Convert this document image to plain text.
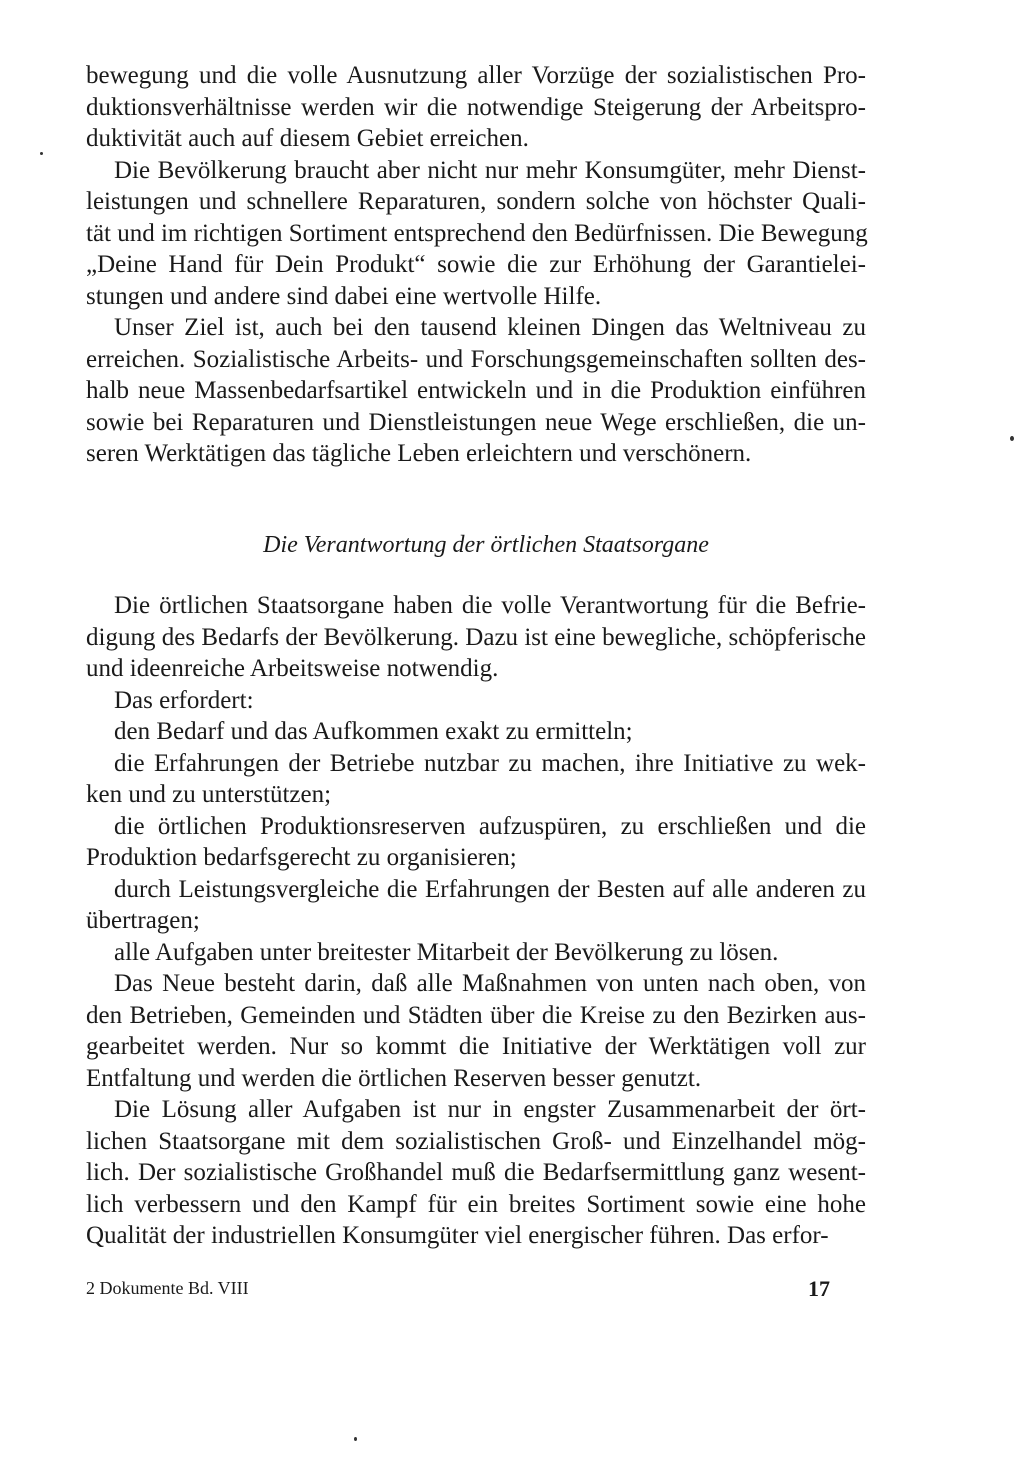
bewegung und die volle Ausnutzung aller Vorzüge der sozialistischen Pro-
duktionsverhältnisse werden wir die notwendige Steigerung der Arbeitspro-
duktivität auch auf diesem Gebiet erreichen.
Die Bevölkerung braucht aber nicht nur mehr Konsumgüter, mehr Dienst-
leistungen und schnellere Reparaturen, sondern solche von höchster Quali-
tät und im richtigen Sortiment entsprechend den Bedürfnissen. Die Bewegung
„Deine Hand für Dein Produkt“ sowie die zur Erhöhung der Garantielei-
stungen und andere sind dabei eine wertvolle Hilfe.
Unser Ziel ist, auch bei den tausend kleinen Dingen das Weltniveau zu
erreichen. Sozialistische Arbeits- und Forschungsgemeinschaften sollten des-
halb neue Massenbedarfsartikel entwickeln und in die Produktion einführen
sowie bei Reparaturen und Dienstleistungen neue Wege erschließen, die un-
seren Werktätigen das tägliche Leben erleichtern und verschönern.
Die Verantwortung der örtlichen Staatsorgane
Die örtlichen Staatsorgane haben die volle Verantwortung für die Befrie-
digung des Bedarfs der Bevölkerung. Dazu ist eine bewegliche, schöpferische
und ideenreiche Arbeitsweise notwendig.
Das erfordert:
den Bedarf und das Aufkommen exakt zu ermitteln;
die Erfahrungen der Betriebe nutzbar zu machen, ihre Initiative zu wek-
ken und zu unterstützen;
die örtlichen Produktionsreserven aufzuspüren, zu erschließen und die
Produktion bedarfsgerecht zu organisieren;
durch Leistungsvergleiche die Erfahrungen der Besten auf alle anderen zu
übertragen;
alle Aufgaben unter breitester Mitarbeit der Bevölkerung zu lösen.
Das Neue besteht darin, daß alle Maßnahmen von unten nach oben, von
den Betrieben, Gemeinden und Städten über die Kreise zu den Bezirken aus-
gearbeitet werden. Nur so kommt die Initiative der Werktätigen voll zur
Entfaltung und werden die örtlichen Reserven besser genutzt.
Die Lösung aller Aufgaben ist nur in engster Zusammenarbeit der ört-
lichen Staatsorgane mit dem sozialistischen Groß- und Einzelhandel mög-
lich. Der sozialistische Großhandel muß die Bedarfsermittlung ganz wesent-
lich verbessern und den Kampf für ein breites Sortiment sowie eine hohe
Qualität der industriellen Konsumgüter viel energischer führen. Das erfor-
2 Dokumente Bd. VIII	17
